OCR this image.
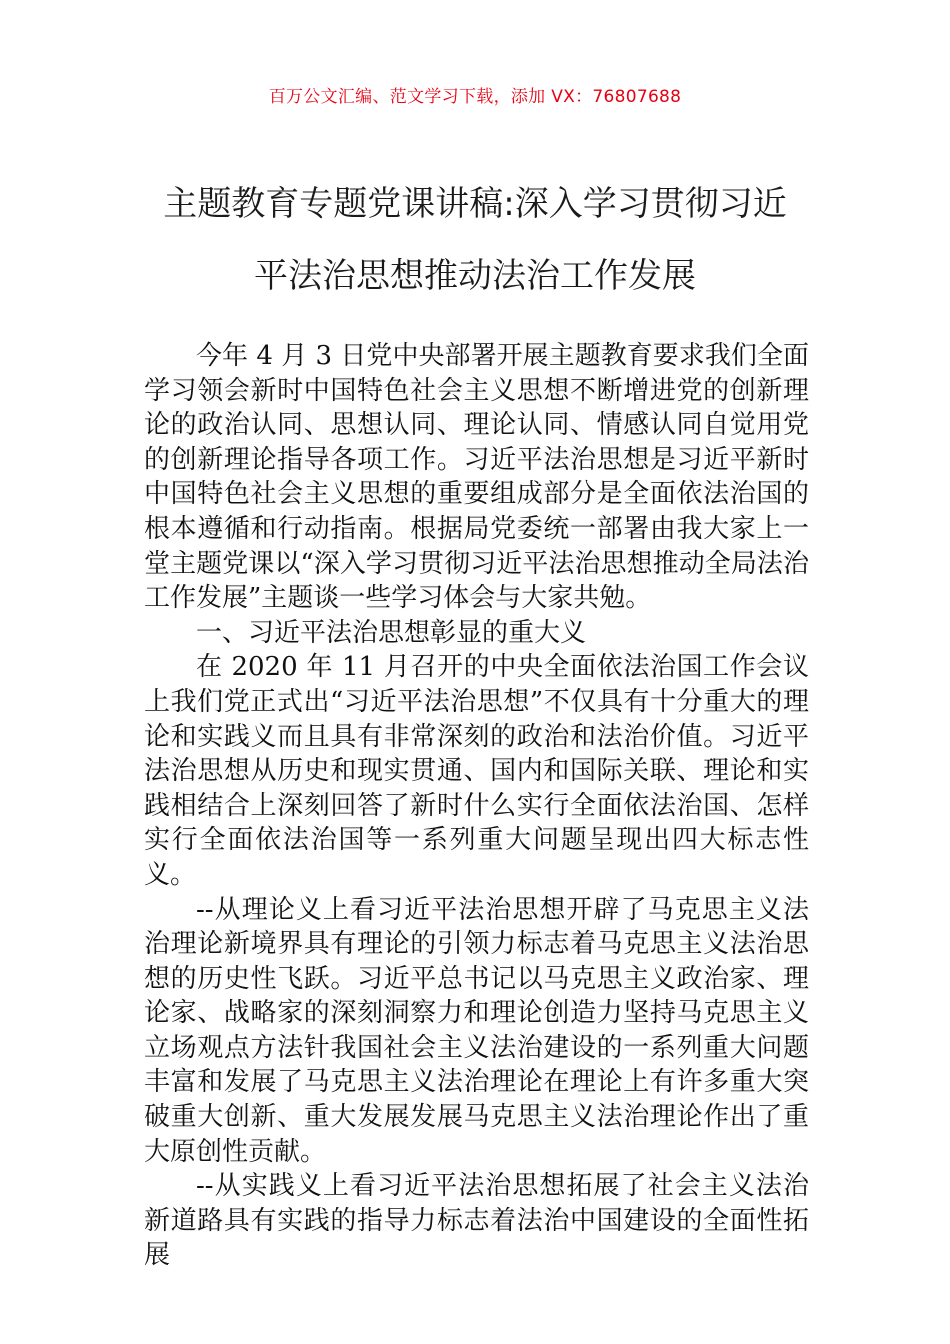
百万公文汇编、范文学习下载，添加 VX：76807688
主题教育专题党课讲稿:深入学习贯彻习近
平法治思想推动法治工作发展

今年 4 月 3 日党中央部署开展主题教育要求我们全面学习领会新时中国特色社会主义思想不断增进党的创新理论的政治认同、思想认同、理论认同、情感认同自觉用党的创新理论指导各项工作。习近平法治思想是习近平新时中国特色社会主义思想的重要组成部分是全面依法治国的根本遵循和行动指南。根据局党委统一部署由我大家上一堂主题党课以“深入学习贯彻习近平法治思想推动全局法治工作发展”主题谈一些学习体会与大家共勉。

一、习近平法治思想彰显的重大义

在 2020 年 11 月召开的中央全面依法治国工作会议上我们党正式出“习近平法治思想”不仅具有十分重大的理论和实践义而且具有非常深刻的政治和法治价值。习近平法治思想从历史和现实贯通、国内和国际关联、理论和实践相结合上深刻回答了新时什么实行全面依法治国、怎样实行全面依法治国等一系列重大问题呈现出四大标志性义。

--从理论义上看习近平法治思想开辟了马克思主义法治理论新境界具有理论的引领力标志着马克思主义法治思想的历史性飞跃。习近平总书记以马克思主义政治家、理论家、战略家的深刻洞察力和理论创造力坚持马克思主义立场观点方法针我国社会主义法治建设的一系列重大问题丰富和发展了马克思主义法治理论在理论上有许多重大突破重大创新、重大发展发展马克思主义法治理论作出了重大原创性贡献。

--从实践义上看习近平法治思想拓展了社会主义法治新道路具有实践的指导力标志着法治中国建设的全面性拓展
